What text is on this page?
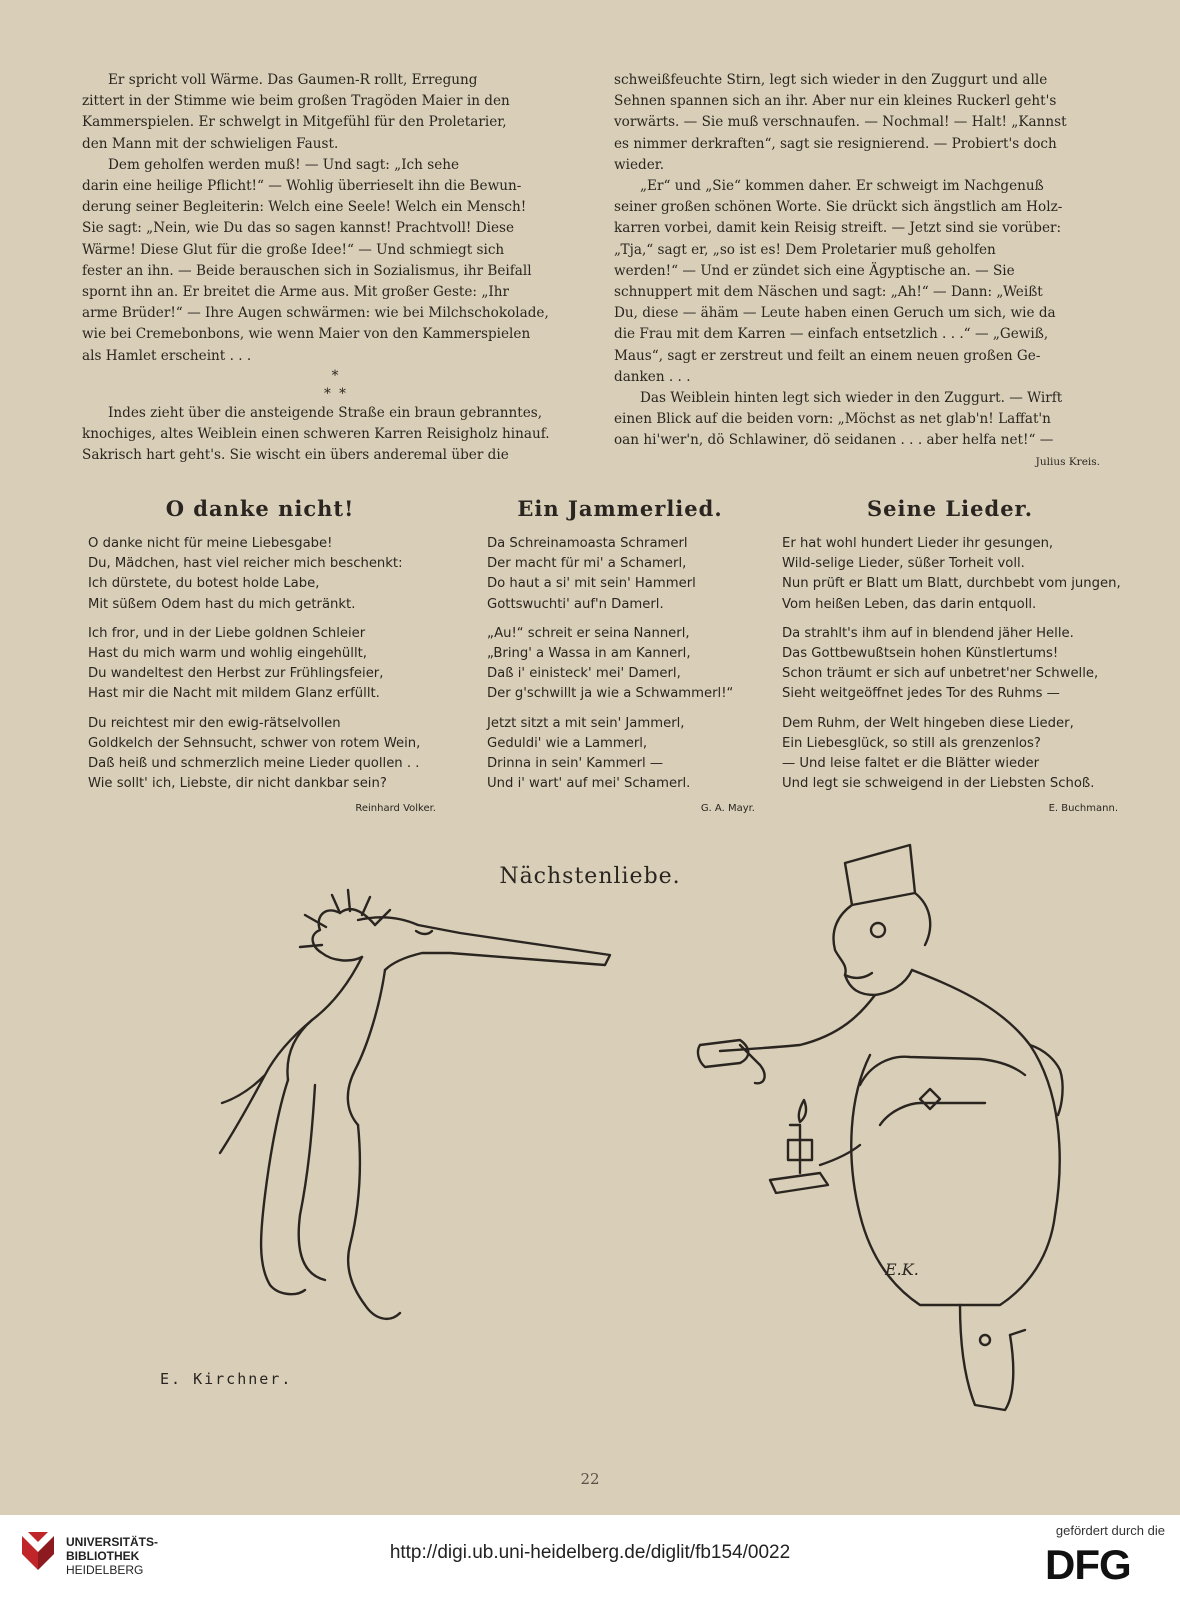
Er spricht voll Wärme. Das Gaumen-R rollt, Erregung
zittert in der Stimme wie beim großen Tragöden Maier in den
Kammerspielen. Er schwelgt in Mitgefühl für den Proletarier,
den Mann mit der schwieligen Faust.

Dem geholfen werden muß! — Und sagt: „Ich sehe
darin eine heilige Pflicht!“ — Wohlig überrieselt ihn die Bewun-
derung seiner Begleiterin: Welch eine Seele! Welch ein Mensch!
Sie sagt: „Nein, wie Du das so sagen kannst! Prachtvoll! Diese
Wärme! Diese Glut für die große Idee!“ — Und schmiegt sich
fester an ihn. — Beide berauschen sich in Sozialismus, ihr Beifall
spornt ihn an. Er breitet die Arme aus. Mit großer Geste: „Ihr
arme Brüder!“ — Ihre Augen schwärmen: wie bei Milchschokolade,
wie bei Cremebonbons, wie wenn Maier von den Kammerspielen
als Hamlet erscheint . . .

*
* *

Indes zieht über die ansteigende Straße ein braun gebranntes,
knochiges, altes Weiblein einen schweren Karren Reisigholz hinauf.
Sakrisch hart geht's. Sie wischt ein übers anderemal über die

schweißfeuchte Stirn, legt sich wieder in den Zuggurt und alle
Sehnen spannen sich an ihr. Aber nur ein kleines Ruckerl geht's
vorwärts. — Sie muß verschnaufen. — Nochmal! — Halt! „Kannst
es nimmer derkraften“, sagt sie resignierend. — Probiert's doch
wieder.

„Er“ und „Sie“ kommen daher. Er schweigt im Nachgenuß
seiner großen schönen Worte. Sie drückt sich ängstlich am Holz-
karren vorbei, damit kein Reisig streift. — Jetzt sind sie vorüber:
„Tja,“ sagt er, „so ist es! Dem Proletarier muß geholfen
werden!“ — Und er zündet sich eine Ägyptische an. — Sie
schnuppert mit dem Näschen und sagt: „Ah!“ — Dann: „Weißt
Du, diese — ähäm — Leute haben einen Geruch um sich, wie da
die Frau mit dem Karren — einfach entsetzlich . . .“ — „Gewiß,
Maus“, sagt er zerstreut und feilt an einem neuen großen Ge-
danken . . .

Das Weiblein hinten legt sich wieder in den Zuggurt. — Wirft
einen Blick auf die beiden vorn: „Möchst as net glab'n! Laffat'n
oan hi'wer'n, dö Schlawiner, dö seidanen . . . aber helfa net!“ —

Julius Kreis.

O danke nicht!
O danke nicht für meine Liebesgabe!
Du, Mädchen, hast viel reicher mich beschenkt:
Ich dürstete, du botest holde Labe,
Mit süßem Odem hast du mich getränkt.
Ich fror, und in der Liebe goldnen Schleier
Hast du mich warm und wohlig eingehüllt,
Du wandeltest den Herbst zur Frühlingsfeier,
Hast mir die Nacht mit mildem Glanz erfüllt.
Du reichtest mir den ewig-rätselvollen
Goldkelch der Sehnsucht, schwer von rotem Wein,
Daß heiß und schmerzlich meine Lieder quollen . .
Wie sollt' ich, Liebste, dir nicht dankbar sein?
Reinhard Volker.
Ein Jammerlied.
Da Schreinamoasta Schramerl
Der macht für mi' a Schamerl,
Do haut a si' mit sein' Hammerl
Gottswuchti' auf'n Damerl.
„Au!“ schreit er seina Nannerl,
„Bring' a Wassa in am Kannerl,
Daß i' einisteck' mei' Damerl,
Der g'schwillt ja wie a Schwammerl!“
Jetzt sitzt a mit sein' Jammerl,
Geduldi' wie a Lammerl,
Drinna in sein' Kammerl —
Und i' wart' auf mei' Schamerl.
G. A. Mayr.
Seine Lieder.
Er hat wohl hundert Lieder ihr gesungen,
Wild-selige Lieder, süßer Torheit voll.
Nun prüft er Blatt um Blatt, durchbebt vom jungen,
Vom heißen Leben, das darin entquoll.
Da strahlt's ihm auf in blendend jäher Helle.
Das Gottbewußtsein hohen Künstlertums!
Schon träumt er sich auf unbetret'ner Schwelle,
Sieht weitgeöffnet jedes Tor des Ruhms —
Dem Ruhm, der Welt hingeben diese Lieder,
Ein Liebesglück, so still als grenzenlos?
— Und leise faltet er die Blätter wieder
Und legt sie schweigend in der Liebsten Schoß.
E. Buchmann.
Nächstenliebe.
E. Kirchner.
E.K.
22
UNIVERSITÄTS-
BIBLIOTHEK
HEIDELBERG
http://digi.ub.uni-heidelberg.de/diglit/fb154/0022
gefördert durch die
DFG
